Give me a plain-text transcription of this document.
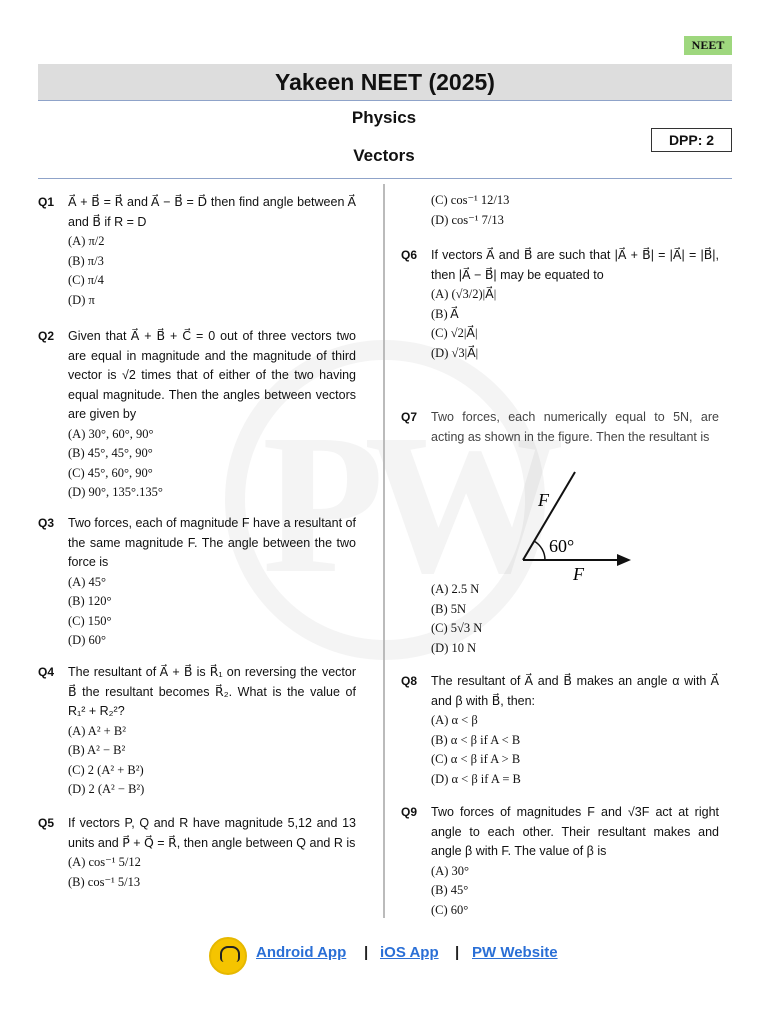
NEET
Yakeen NEET (2025)
Physics
DPP: 2
Vectors
Q1 A⃗ + B⃗ = R⃗ and A⃗ − B⃗ = D⃗ then find angle between A⃗ and B⃗ if R = D
(A) π/2
(B) π/3
(C) π/4
(D) π
Q2 Given that A⃗ + B⃗ + C⃗ = 0 out of three vectors two are equal in magnitude and the magnitude of third vector is √2 times that of either of the two having equal magnitude. Then the angles between vectors are given by
(A) 30°, 60°, 90°
(B) 45°, 45°, 90°
(C) 45°, 60°, 90°
(D) 90°, 135°.135°
Q3 Two forces, each of magnitude F have a resultant of the same magnitude F. The angle between the two force is
(A) 45°
(B) 120°
(C) 150°
(D) 60°
Q4 The resultant of A⃗ + B⃗ is R⃗₁ on reversing the vector B⃗ the resultant becomes R⃗₂. What is the value of R₁² + R₂²?
(A) A² + B²
(B) A² − B²
(C) 2 (A² + B²)
(D) 2 (A² − B²)
Q5 If vectors P, Q and R have magnitude 5,12 and 13 units and P⃗ + Q⃗ = R⃗, then angle between Q and R is
(A) cos⁻¹ 5/12
(B) cos⁻¹ 5/13
(C) cos⁻¹ 12/13
(D) cos⁻¹ 7/13
Q6 If vectors A⃗ and B⃗ are such that |A⃗ + B⃗| = |A⃗| = |B⃗|, then |A⃗ − B⃗| may be equated to
(A) (√3/2)|A⃗|
(B) A⃗
(C) √2|A⃗|
(D) √3|A⃗|
Q7 Two forces, each numerically equal to 5N, are acting as shown in the figure. Then the resultant is
F
60°
F
(A) 2.5 N
(B) 5N
(C) 5√3 N
(D) 10 N
Q8 The resultant of A⃗ and B⃗ makes an angle α with A⃗ and β with B⃗, then:
(A) α < β
(B) α < β if A < B
(C) α < β if A > B
(D) α < β if A = B
Q9 Two forces of magnitudes F and √3F act at right angle to each other. Their resultant makes and angle β with F. The value of β is
(A) 30°
(B) 45°
(C) 60°
Android App | iOS App | PW Website
